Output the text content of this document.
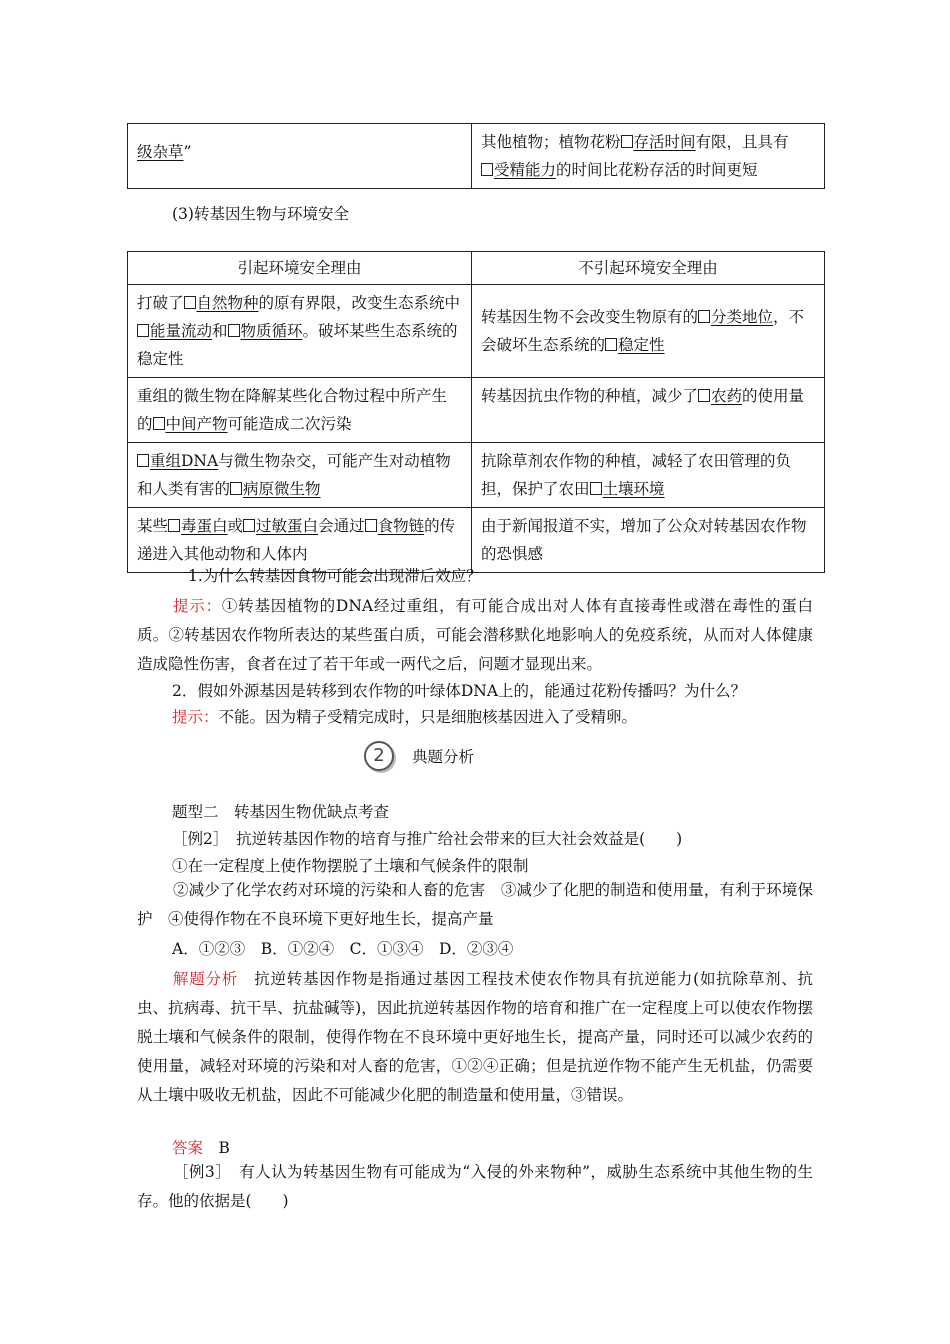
级杂草”	其他植物；植物花粉 存活时间有限，且具有
受精能力的时间比花粉存活的时间更短
(3)转基因生物与环境安全
引起环境安全理由	不引起环境安全理由
打破了 自然物种的原有界限，改变生态系统中能量流动和 物质循环。破坏某些生态系统的稳定性	转基因生物不会改变生物原有的 分类地位，不会破坏生态系统的 稳定性
重组的微生物在降解某些化合物过程中所产生的 中间产物可能造成二次污染	转基因抗虫作物的种植，减少了 农药的使用量
重组DNA与微生物杂交，可能产生对动植物和人类有害的 病原微生物	抗除草剂农作物的种植，减轻了农田管理的负担，保护了农田 土壤环境
某些 毒蛋白或 过敏蛋白会通过 食物链的传递进入其他动物和人体内	由于新闻报道不实，增加了公众对转基因农作物的恐惧感
1.为什么转基因食物可能会出现滞后效应？
提示：①转基因植物的DNA经过重组，有可能合成出对人体有直接毒性或潜在毒性的蛋白质。②转基因农作物所表达的某些蛋白质，可能会潜移默化地影响人的免疫系统，从而对人体健康造成隐性伤害，食者在过了若干年或一两代之后，问题才显现出来。
2．假如外源基因是转移到农作物的叶绿体DNA上的，能通过花粉传播吗？为什么？
提示：不能。因为精子受精完成时，只是细胞核基因进入了受精卵。
2	典题分析
题型二　转基因生物优缺点考查
［例2］　抗逆转基因作物的培育与推广给社会带来的巨大社会效益是(　　)
①在一定程度上使作物摆脱了土壤和气候条件的限制
②减少了化学农药对环境的污染和人畜的危害　③减少了化肥的制造和使用量，有利于环境保护　④使得作物在不良环境下更好地生长，提高产量
A．①②③　B．①②④　C．①③④　D．②③④
解题分析　 抗逆转基因作物是指通过基因工程技术使农作物具有抗逆能力(如抗除草剂、抗虫、抗病毒、抗干旱、抗盐碱等)，因此抗逆转基因作物的培育和推广在一定程度上可以使农作物摆脱土壤和气候条件的限制，使得作物在不良环境中更好地生长，提高产量，同时还可以减少农药的使用量，减轻对环境的污染和对人畜的危害，①②④正确；但是抗逆作物不能产生无机盐，仍需要从土壤中吸收无机盐，因此不可能减少化肥的制造量和使用量，③错误。
答案　 B
［例3］　有人认为转基因生物有可能成为“入侵的外来物种”，威胁生态系统中其他生物的生存。他的依据是(　　)
